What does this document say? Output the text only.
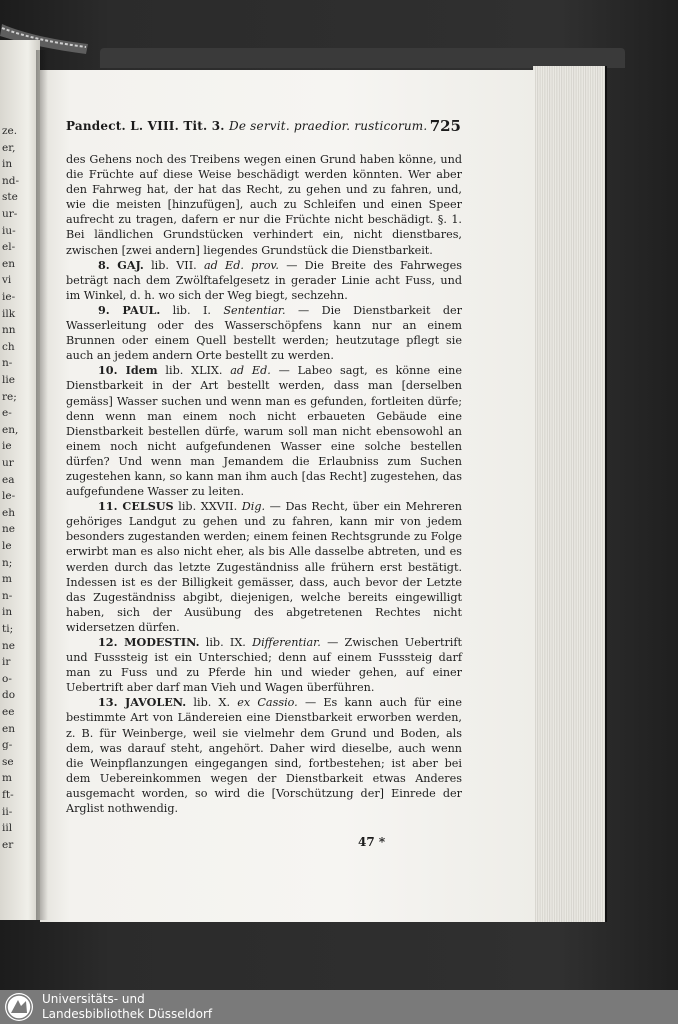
ze.
er,
in
nd-
ste
ur-
iu-
el-
en
vi
ie-
ilk
nn
ch
n-
lie
re;
e-
en,
ie
ur
ea
le-
eh
ne
le
n;
m
n-
in
ti;
ne
ir
o-
do
ee
en
g-
se
m
ft-
ii-
iil
er
Pandect. L. VIII. Tit. 3. De servit. praedior. rusticorum. 725

des Gehens noch des Treibens wegen einen Grund haben könne, und die Früchte auf diese Weise beschädigt werden könnten. Wer aber den Fahrweg hat, der hat das Recht, zu gehen und zu fahren, und, wie die meisten [hinzufügen], auch zu Schleifen und einen Speer aufrecht zu tragen, dafern er nur die Früchte nicht beschädigt. §. 1. Bei ländlichen Grundstücken verhindert ein, nicht dienstbares, zwischen [zwei andern] liegendes Grundstück die Dienstbarkeit.

8. GAJ. lib. VII. ad Ed. prov. — Die Breite des Fahrweges beträgt nach dem Zwölftafelgesetz in gerader Linie acht Fuss, und im Winkel, d. h. wo sich der Weg biegt, sechzehn.

9. PAUL. lib. I. Sententiar. — Die Dienstbarkeit der Wasserleitung oder des Wasserschöpfens kann nur an einem Brunnen oder einem Quell bestellt werden; heutzutage pflegt sie auch an jedem andern Orte bestellt zu werden.

10. Idem lib. XLIX. ad Ed. — Labeo sagt, es könne eine Dienstbarkeit in der Art bestellt werden, dass man [derselben gemäss] Wasser suchen und wenn man es gefunden, fortleiten dürfe; denn wenn man einem noch nicht erbaueten Gebäude eine Dienstbarkeit bestellen dürfe, warum soll man nicht ebensowohl an einem noch nicht aufgefundenen Wasser eine solche bestellen dürfen? Und wenn man Jemandem die Erlaubniss zum Suchen zugestehen kann, so kann man ihm auch [das Recht] zugestehen, das aufgefundene Wasser zu leiten.

11. CELSUS lib. XXVII. Dig. — Das Recht, über ein Mehreren gehöriges Landgut zu gehen und zu fahren, kann mir von jedem besonders zugestanden werden; einem feinen Rechtsgrunde zu Folge erwirbt man es also nicht eher, als bis Alle dasselbe abtreten, und es werden durch das letzte Zugeständniss alle frühern erst bestätigt. Indessen ist es der Billigkeit gemässer, dass, auch bevor der Letzte das Zugeständniss abgibt, diejenigen, welche bereits eingewilligt haben, sich der Ausübung des abgetretenen Rechtes nicht widersetzen dürfen.

12. MODESTIN. lib. IX. Differentiar. — Zwischen Uebertrift und Fusssteig ist ein Unterschied; denn auf einem Fusssteig darf man zu Fuss und zu Pferde hin und wieder gehen, auf einer Uebertrift aber darf man Vieh und Wagen überführen.

13. JAVOLEN. lib. X. ex Cassio. — Es kann auch für eine bestimmte Art von Ländereien eine Dienstbarkeit erworben werden, z. B. für Weinberge, weil sie vielmehr dem Grund und Boden, als dem, was darauf steht, angehört. Daher wird dieselbe, auch wenn die Weinpflanzungen eingegangen sind, fortbestehen; ist aber bei dem Uebereinkommen wegen der Dienstbarkeit etwas Anderes ausgemacht worden, so wird die [Vorschützung der] Einrede der Arglist nothwendig.

47 *
Universitäts- und
Landesbibliothek Düsseldorf
